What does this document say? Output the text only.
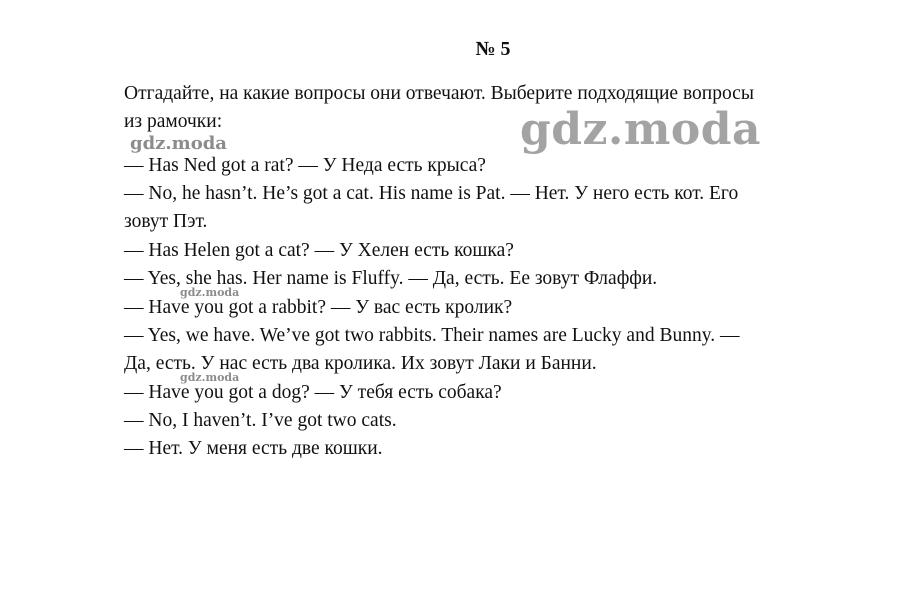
№ 5
Отгадайте, на какие вопросы они отвечают. Выберите подходящие вопросы
из рамочки:
— Has Ned got a rat? — У Неда есть крыса?
— No, he hasn’t. He’s got a cat. His name is Pat. — Нет. У него есть кот. Его
зовут Пэт.
— Has Helen got a cat? — У Хелен есть кошка?
— Yes, she has. Her name is Fluffy. — Да, есть. Ее зовут Флаффи.
— Have you got a rabbit? — У вас есть кролик?
— Yes, we have. We’ve got two rabbits. Their names are Lucky and Bunny. —
Да, есть. У нас есть два кролика. Их зовут Лаки и Банни.
— Have you got a dog? — У тебя есть собака?
— No, I haven’t. I’ve got two cats.
— Нет. У меня есть две кошки.
gdz.moda
gdz.moda
gdz.moda
gdz.moda
